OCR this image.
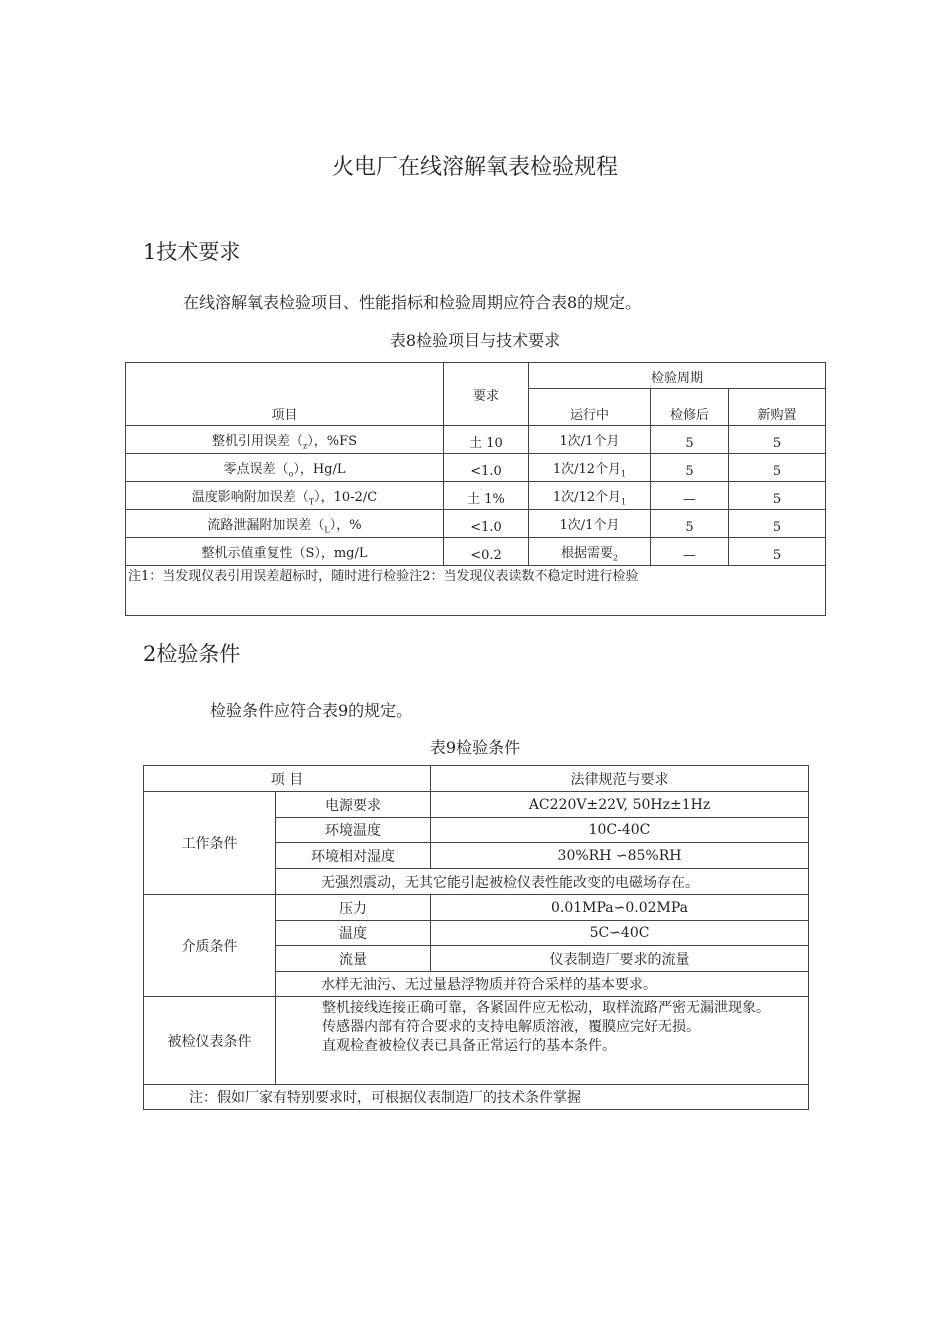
火电厂在线溶解氧表检验规程
1技术要求
在线溶解氧表检验项目、性能指标和检验周期应符合表8的规定。
表8检验项目与技术要求
项目	要求	检验周期		
		运行中	检修后	新购置
整机引用误差$(_z)$，%FS	土 10	1次/1个月	5	5
零点误差$(_o)$，Hg/L	<1.0	1次/12个月$_1$	5	5
温度影响附加误差$(_T)$，10-2/C	土 1%	1次/12个月$_1$	—	5
流路泄漏附加误差$(_L)$，%	<1.0	1次/1个月	5	5
整机示值重复性（S），mg/L	<0.2	根据需要$_2$	—	5
注1：当发现仪表引用误差超标时，随时进行检验注2：当发现仪表读数不稳定时进行检验				
2检验条件
检验条件应符合表9的规定。
表9检验条件
项 目		法律规范与要求
工作条件	电源要求	AC220V±22V, 50Hz±1Hz
	环境温度	10C-40C
	环境相对湿度	30%RH ∽85%RH
	无强烈震动，无其它能引起被检仪表性能改变的电磁场存在。	
介质条件	压力	0.01MPa∽0.02MPa
	温度	5C∽40C
	流量	仪表制造厂要求的流量
	水样无油污、无过量悬浮物质并符合采样的基本要求。	
被检仪表条件	整机接线连接正确可靠，各紧固件应无松动，取样流路严密无漏泄现象。
传感器内部有符合要求的支持电解质溶液，覆膜应完好无损。
直观检查被检仪表已具备正常运行的基本条件。	

注：假如厂家有特别要求时，可根据仪表制造厂的技术条件掌握		
